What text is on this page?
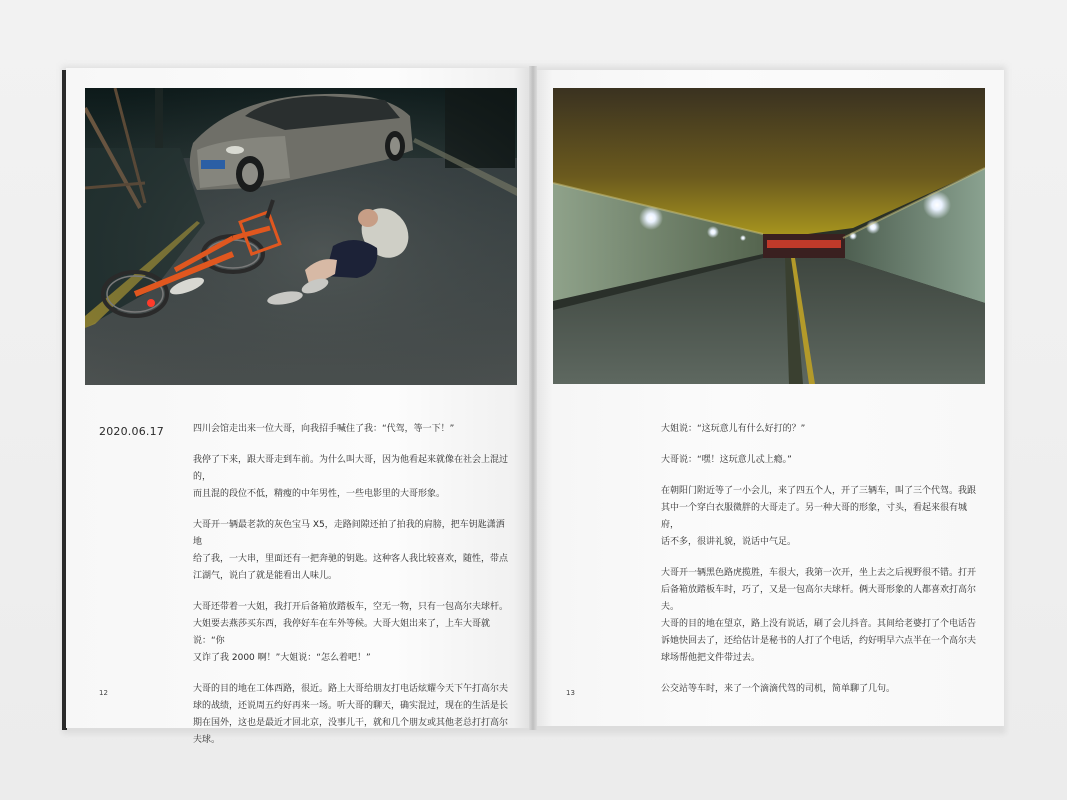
2020.06.17	四川会馆走出来一位大哥，向我招手喊住了我：“代驾，等一下！”

我停了下来，跟大哥走到车前。为什么叫大哥，因为他看起来就像在社会上混过的，
而且混的段位不低，精瘦的中年男性，一些电影里的大哥形象。

大哥开一辆最老款的灰色宝马 X5，走路间隙还拍了拍我的肩膀，把车钥匙潇洒地
给了我，一大串，里面还有一把奔驰的钥匙。这种客人我比较喜欢，随性，带点
江湖气，说白了就是能看出人味儿。

大哥还带着一大姐，我打开后备箱放踏板车，空无一物，只有一包高尔夫球杆。
大姐要去燕莎买东西，我停好车在车外等候。大哥大姐出来了，上车大哥就说：“你
又诈了我 2000 啊！”大姐说：“怎么着吧！”

大哥的目的地在工体西路，很近。路上大哥给朋友打电话炫耀今天下午打高尔夫
球的战绩，还说周五约好再来一场。听大哥的聊天，确实混过，现在的生活是长
期在国外，这也是最近才回北京，没事儿干，就和几个朋友或其他老总打打高尔
夫球。

12

大姐说：“这玩意儿有什么好打的？”

大哥说：“嘿！这玩意儿忒上瘾。”

在朝阳门附近等了一小会儿，来了四五个人，开了三辆车，叫了三个代驾。我跟
其中一个穿白衣服微胖的大哥走了。另一种大哥的形象，寸头，看起来很有城府，
话不多，很讲礼貌，说话中气足。

大哥开一辆黑色路虎揽胜，车很大，我第一次开，坐上去之后视野很不错。打开
后备箱放踏板车时，巧了，又是一包高尔夫球杆。俩大哥形象的人都喜欢打高尔夫。
大哥的目的地在望京，路上没有说话，刷了会儿抖音。其间给老婆打了个电话告
诉她快回去了，还给估计是秘书的人打了个电话，约好明早六点半在一个高尔夫
球场帮他把文件带过去。

公交站等车时，来了一个滴滴代驾的司机，简单聊了几句。

13
